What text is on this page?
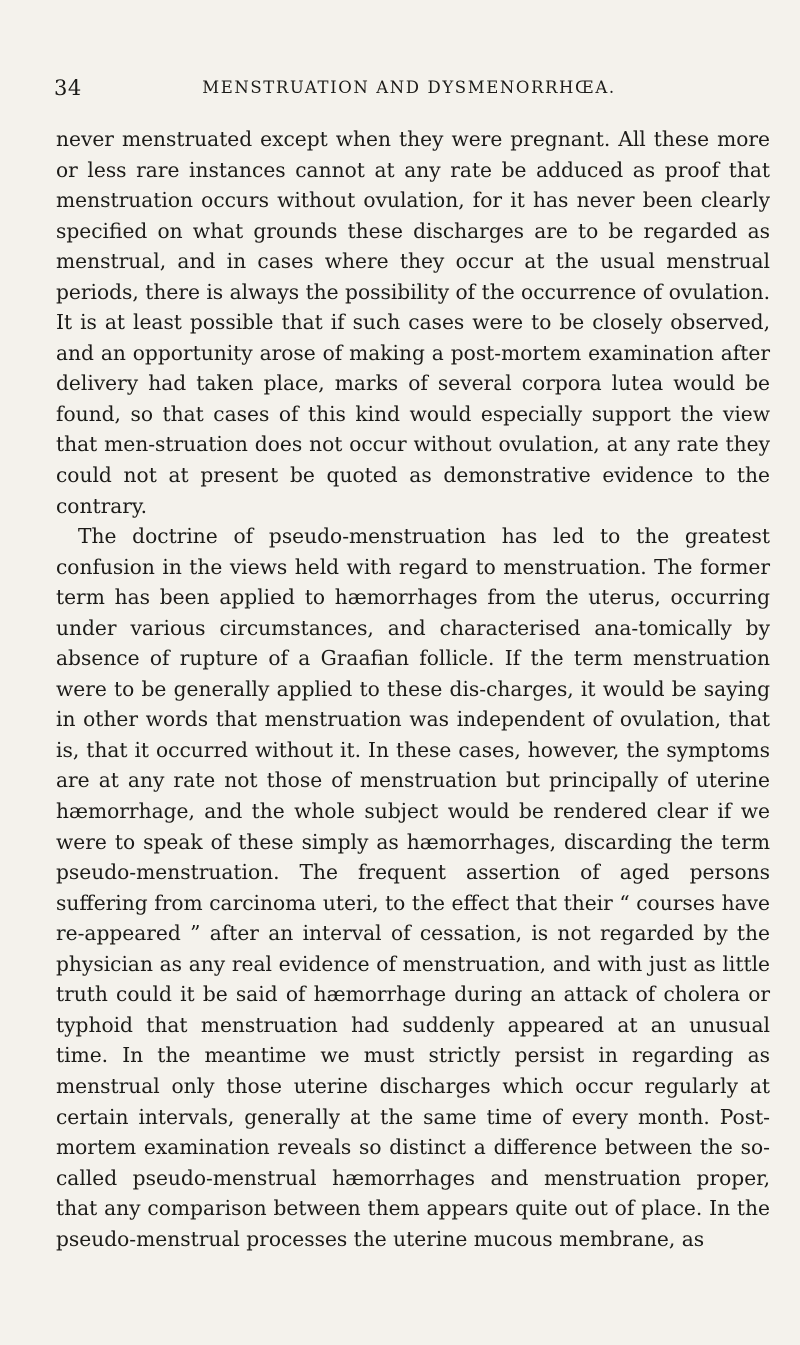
34	MENSTRUATION AND DYSMENORRHŒA.

never menstruated except when they were pregnant. All these more or less rare instances cannot at any rate be adduced as proof that menstruation occurs without ovulation, for it has never been clearly specified on what grounds these discharges are to be regarded as menstrual, and in cases where they occur at the usual menstrual periods, there is always the possibility of the occurrence of ovulation. It is at least possible that if such cases were to be closely observed, and an opportunity arose of making a post-mortem examination after delivery had taken place, marks of several corpora lutea would be found, so that cases of this kind would especially support the view that men-struation does not occur without ovulation, at any rate they could not at present be quoted as demonstrative evidence to the contrary.

The doctrine of pseudo-menstruation has led to the greatest confusion in the views held with regard to menstruation. The former term has been applied to hæmorrhages from the uterus, occurring under various circumstances, and characterised ana-tomically by absence of rupture of a Graafian follicle. If the term menstruation were to be generally applied to these dis-charges, it would be saying in other words that menstruation was independent of ovulation, that is, that it occurred without it. In these cases, however, the symptoms are at any rate not those of menstruation but principally of uterine hæmorrhage, and the whole subject would be rendered clear if we were to speak of these simply as hæmorrhages, discarding the term pseudo-menstruation. The frequent assertion of aged persons suffering from carcinoma uteri, to the effect that their “ courses have re-appeared ” after an interval of cessation, is not regarded by the physician as any real evidence of menstruation, and with just as little truth could it be said of hæmorrhage during an attack of cholera or typhoid that menstruation had suddenly appeared at an unusual time. In the meantime we must strictly persist in regarding as menstrual only those uterine discharges which occur regularly at certain intervals, generally at the same time of every month. Post-mortem examination reveals so distinct a difference between the so-called pseudo-menstrual hæmorrhages and menstruation proper, that any comparison between them appears quite out of place. In the pseudo-menstrual processes the uterine mucous membrane, as
